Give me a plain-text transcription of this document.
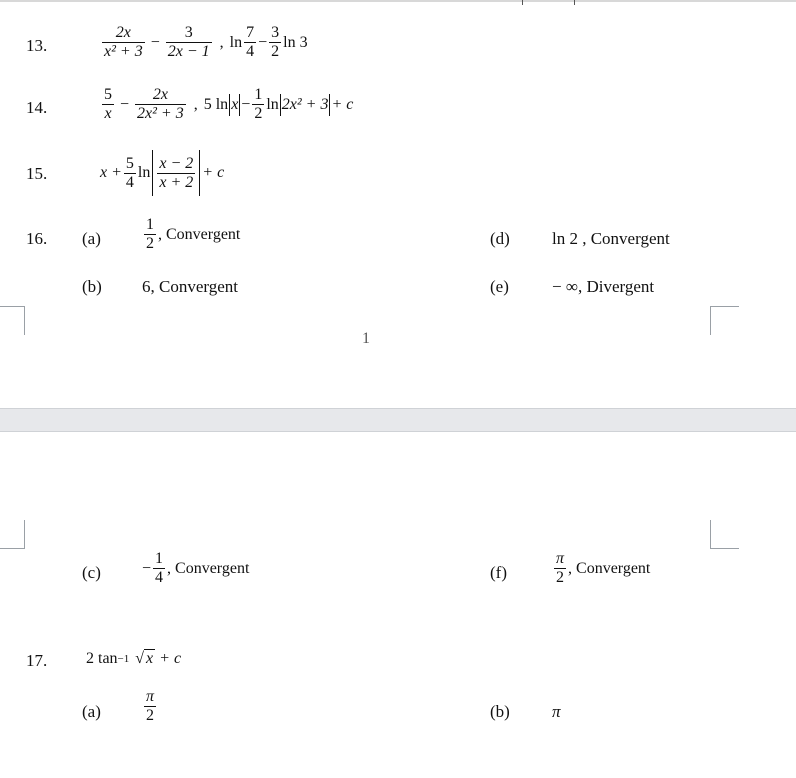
13.	$\frac{2x}{\text{x² + 3}} - \frac{3}{2x - 1}$ , $\ln \frac{7}{4} - \frac{3}{2}$ ln 3
14.	$\frac{5}{x} - \frac{2x}{\text{2x² + 3}}$ , 5 $\ln x - \frac{1}{2}$ ln 2x² + 3 + c
15.	$x + \frac{5}{4}$ $\ln \frac{x - 2}{x + 2} + c$
16. (a)	$\frac{1}{2}$ , Convergent	(d) ln 2 , Convergent
(b) 6, Convergent	(e)	− ∞, Divergent
1
(c)	− $\frac{1}{4}$ , Convergent	(f)	$\frac{\pi}{2}$ , Convergent
17. 2 tan −1 √ x + c
(a)	$\frac{\pi}{2}$	(b) π
